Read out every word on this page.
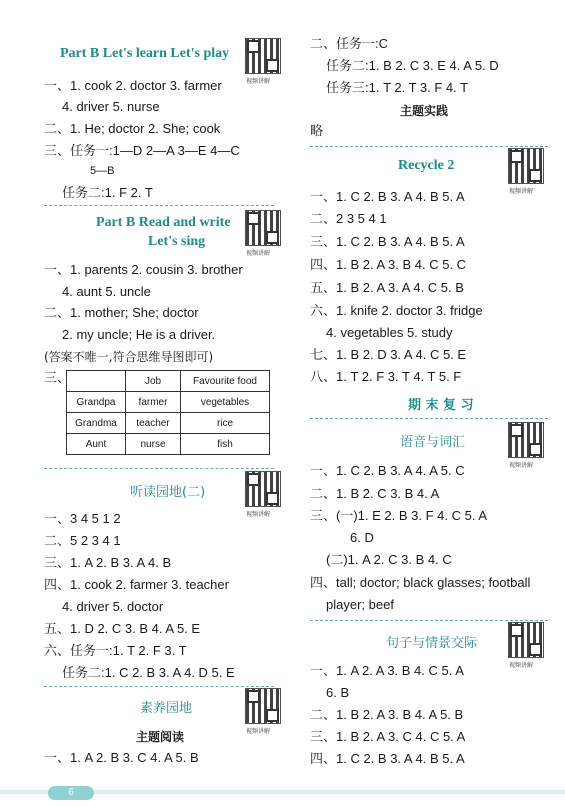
Part B Let's learn Let's play
视频讲解
一、1. cook 2. doctor 3. farmer
4. driver 5. nurse
二、1. He; doctor 2. She; cook
三、任务一:1—D 2—A 3—E 4—C
5—B
任务二:1. F 2. T
Part B Read and write
Let's sing
视频讲解
一、1. parents 2. cousin 3. brother
4. aunt 5. uncle
二、1. mother; She; doctor
2. my uncle; He is a driver.
(答案不唯一,符合思维导图即可)
三、
		Job	Favourite food
Grandpa	farmer	vegetables
Grandma	teacher	rice
Aunt	nurse	fish
听读园地(二)
视频讲解
一、3 4 5 1 2
二、5 2 3 4 1
三、1. A 2. B 3. A 4. B
四、1. cook 2. farmer 3. teacher
4. driver 5. doctor
五、1. D 2. C 3. B 4. A 5. E
六、任务一:1. T 2. F 3. T
任务二:1. C 2. B 3. A 4. D 5. E
素养园地
视频讲解
主题阅读
一、1. A 2. B 3. C 4. A 5. B
二、任务一:C
任务二:1. B 2. C 3. E 4. A 5. D
任务三:1. T 2. T 3. F 4. T
主题实践
略
Recycle 2
视频讲解
一、1. C 2. B 3. A 4. B 5. A
二、2 3 5 4 1
三、1. C 2. B 3. A 4. B 5. A
四、1. B 2. A 3. B 4. C 5. C
五、1. B 2. A 3. A 4. C 5. B
六、1. knife 2. doctor 3. fridge
4. vegetables 5. study
七、1. B 2. D 3. A 4. C 5. E
八、1. T 2. F 3. T 4. T 5. F
期 末 复 习
语音与词汇
视频讲解
一、1. C 2. B 3. A 4. A 5. C
二、1. B 2. C 3. B 4. A
三、(一)1. E 2. B 3. F 4. C 5. A
6. D
(二)1. A 2. C 3. B 4. C
四、tall; doctor; black glasses; football
player; beef
句子与情景交际
视频讲解
一、1. A 2. A 3. B 4. C 5. A
6. B
二、1. B 2. A 3. B 4. A 5. B
三、1. B 2. A 3. C 4. C 5. A
四、1. C 2. B 3. A 4. B 5. A
6
